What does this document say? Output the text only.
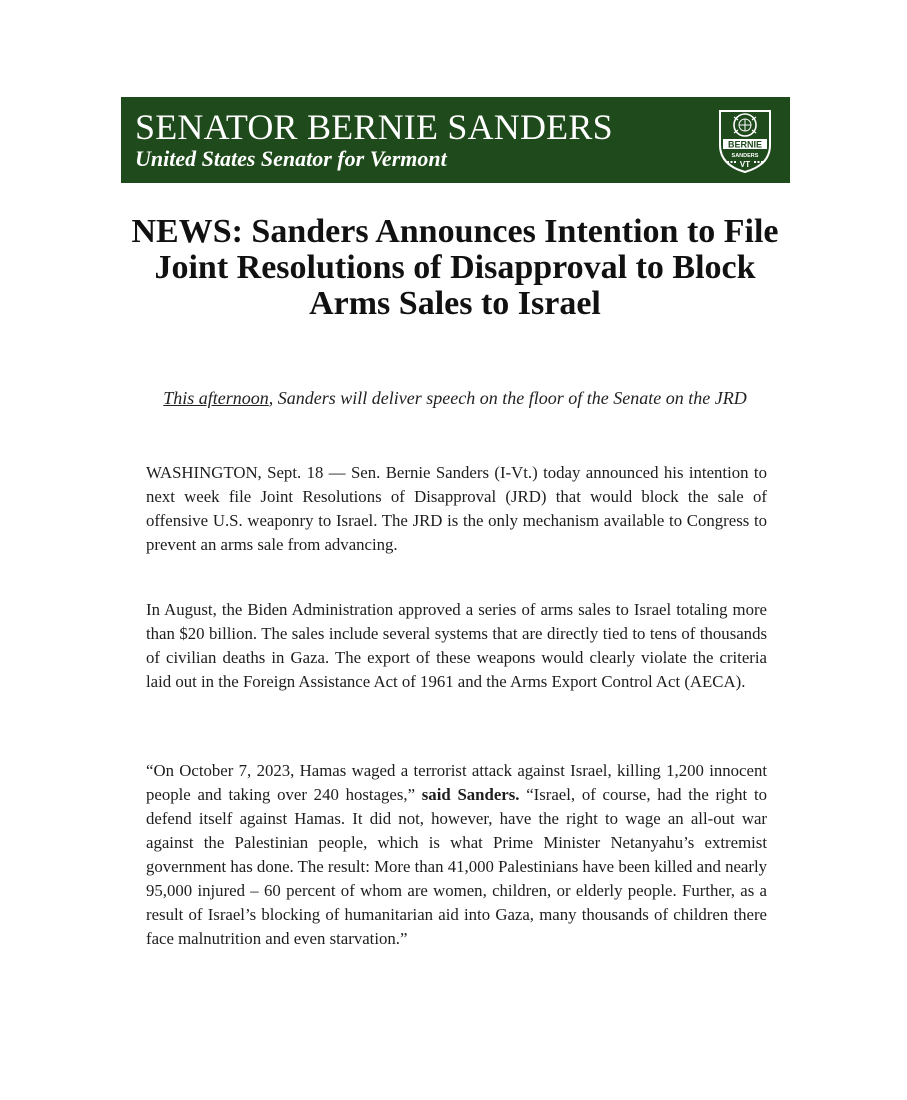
SENATOR BERNIE SANDERS
United States Senator for Vermont
BERNIE
SANDERS
VT
NEWS: Sanders Announces Intention to File Joint Resolutions of Disapproval to Block Arms Sales to Israel
This afternoon, Sanders will deliver speech on the floor of the Senate on the JRD

WASHINGTON, Sept. 18 — Sen. Bernie Sanders (I-Vt.) today announced his intention to next week file Joint Resolutions of Disapproval (JRD) that would block the sale of offensive U.S. weaponry to Israel. The JRD is the only mechanism available to Congress to prevent an arms sale from advancing.

In August, the Biden Administration approved a series of arms sales to Israel totaling more than $20 billion. The sales include several systems that are directly tied to tens of thousands of civilian deaths in Gaza. The export of these weapons would clearly violate the criteria laid out in the Foreign Assistance Act of 1961 and the Arms Export Control Act (AECA).

“On October 7, 2023, Hamas waged a terrorist attack against Israel, killing 1,200 innocent people and taking over 240 hostages,” said Sanders. “Israel, of course, had the right to defend itself against Hamas. It did not, however, have the right to wage an all-out war against the Palestinian people, which is what Prime Minister Netanyahu’s extremist government has done. The result: More than 41,000 Palestinians have been killed and nearly 95,000 injured – 60 percent of whom are women, children, or elderly people. Further, as a result of Israel’s blocking of humanitarian aid into Gaza, many thousands of children there face malnutrition and even starvation.”
